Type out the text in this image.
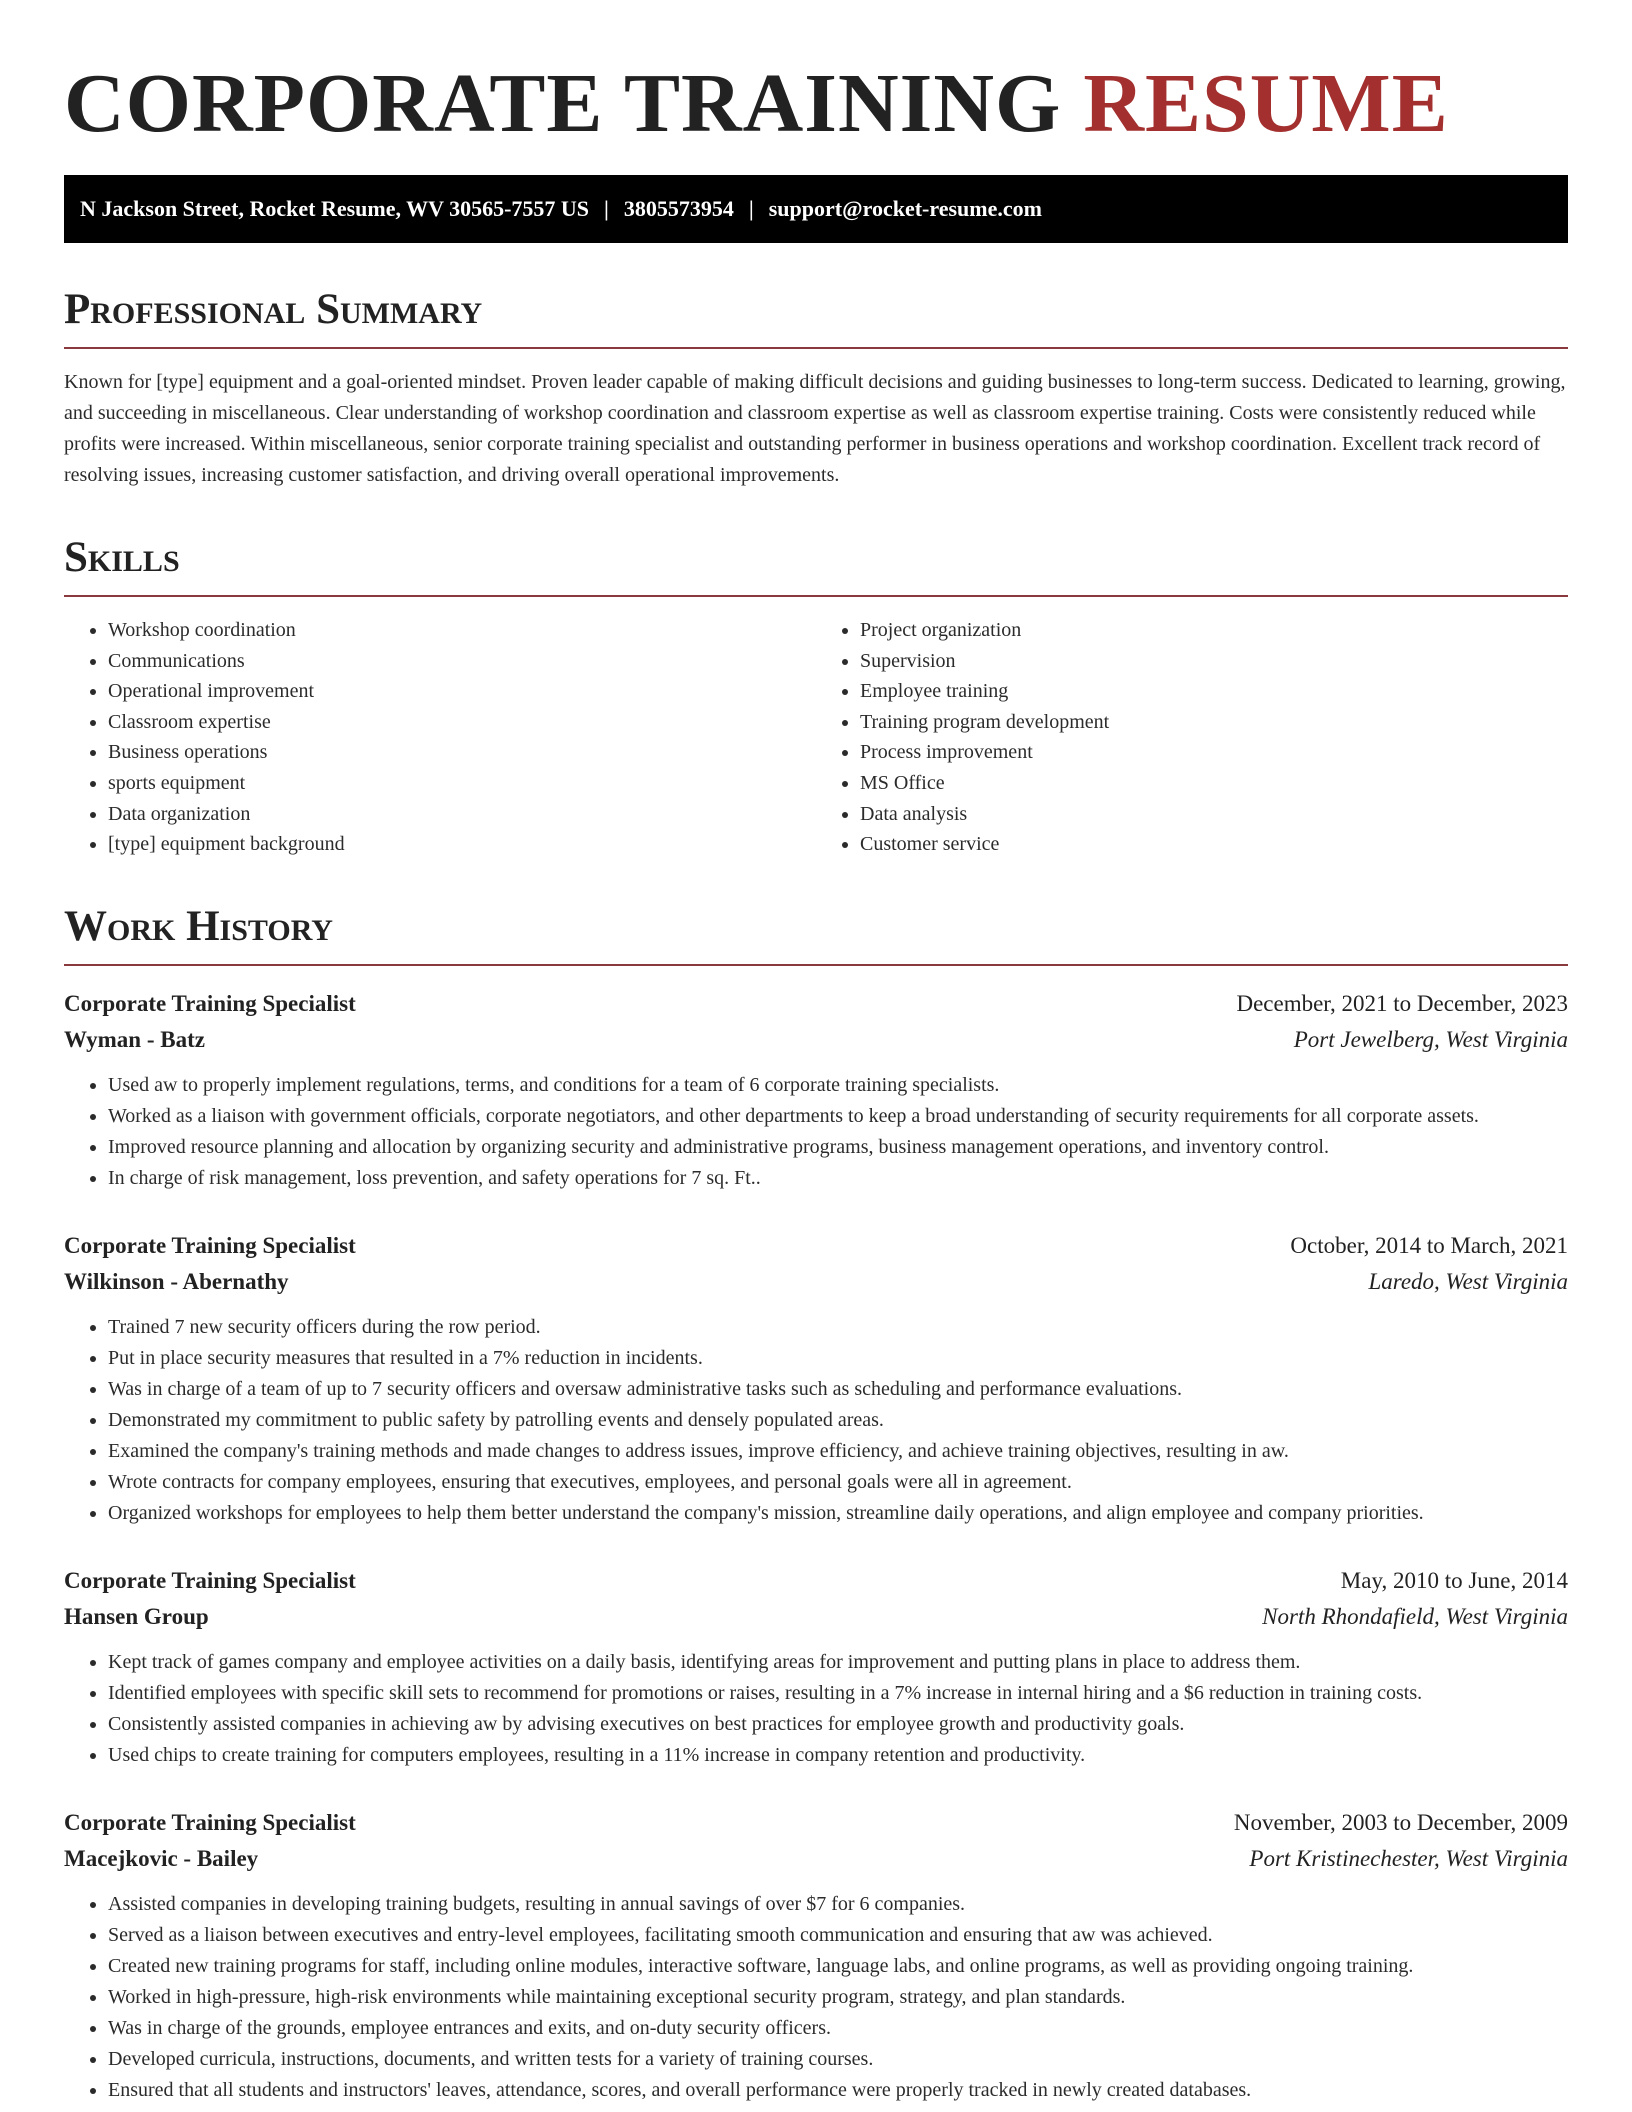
CORPORATE TRAINING RESUME
N Jackson Street, Rocket Resume, WV 30565-7557 US | 3805573954 | support@rocket-resume.com
Professional Summary

Known for [type] equipment and a goal-oriented mindset. Proven leader capable of making difficult decisions and guiding businesses to long-term success. Dedicated to learning, growing, and succeeding in miscellaneous. Clear understanding of workshop coordination and classroom expertise as well as classroom expertise training. Costs were consistently reduced while profits were increased. Within miscellaneous, senior corporate training specialist and outstanding performer in business operations and workshop coordination. Excellent track record of resolving issues, increasing customer satisfaction, and driving overall operational improvements.

Skills
• Workshop coordination
• Communications
• Operational improvement
• Classroom expertise
• Business operations
• sports equipment
• Data organization
• [type] equipment background
• Project organization
• Supervision
• Employee training
• Training program development
• Process improvement
• MS Office
• Data analysis
• Customer service
Work History
Corporate Training Specialist	December, 2021 to December, 2023
Wyman - Batz	Port Jewelberg, West Virginia
• Used aw to properly implement regulations, terms, and conditions for a team of 6 corporate training specialists.
• Worked as a liaison with government officials, corporate negotiators, and other departments to keep a broad understanding of security requirements for all corporate assets.
• Improved resource planning and allocation by organizing security and administrative programs, business management operations, and inventory control.
• In charge of risk management, loss prevention, and safety operations for 7 sq. Ft..
Corporate Training Specialist	October, 2014 to March, 2021
Wilkinson - Abernathy	Laredo, West Virginia
• Trained 7 new security officers during the row period.
• Put in place security measures that resulted in a 7% reduction in incidents.
• Was in charge of a team of up to 7 security officers and oversaw administrative tasks such as scheduling and performance evaluations.
• Demonstrated my commitment to public safety by patrolling events and densely populated areas.
• Examined the company's training methods and made changes to address issues, improve efficiency, and achieve training objectives, resulting in aw.
• Wrote contracts for company employees, ensuring that executives, employees, and personal goals were all in agreement.
• Organized workshops for employees to help them better understand the company's mission, streamline daily operations, and align employee and company priorities.
Corporate Training Specialist	May, 2010 to June, 2014
Hansen Group	North Rhondafield, West Virginia
• Kept track of games company and employee activities on a daily basis, identifying areas for improvement and putting plans in place to address them.
• Identified employees with specific skill sets to recommend for promotions or raises, resulting in a 7% increase in internal hiring and a $6 reduction in training costs.
• Consistently assisted companies in achieving aw by advising executives on best practices for employee growth and productivity goals.
• Used chips to create training for computers employees, resulting in a 11% increase in company retention and productivity.
Corporate Training Specialist	November, 2003 to December, 2009
Macejkovic - Bailey	Port Kristinechester, West Virginia
• Assisted companies in developing training budgets, resulting in annual savings of over $7 for 6 companies.
• Served as a liaison between executives and entry-level employees, facilitating smooth communication and ensuring that aw was achieved.
• Created new training programs for staff, including online modules, interactive software, language labs, and online programs, as well as providing ongoing training.
• Worked in high-pressure, high-risk environments while maintaining exceptional security program, strategy, and plan standards.
• Was in charge of the grounds, employee entrances and exits, and on-duty security officers.
• Developed curricula, instructions, documents, and written tests for a variety of training courses.
• Ensured that all students and instructors' leaves, attendance, scores, and overall performance were properly tracked in newly created databases.
